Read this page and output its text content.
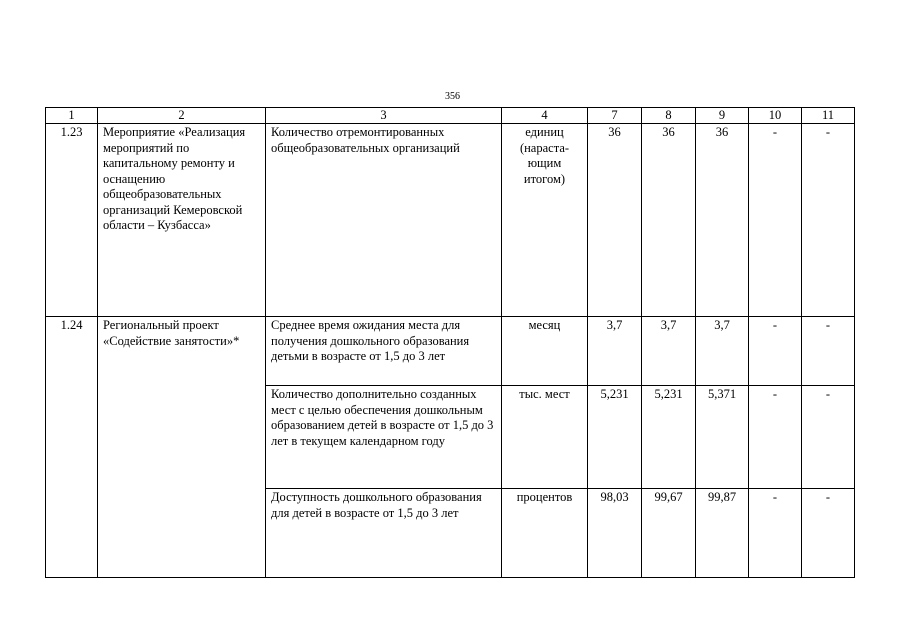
356
1	2	3	4	7	8	9	10	11
1.23	Мероприятие «Реализация мероприятий по капитальному ремонту и оснащению общеобразовательных организаций Кемеровской области – Кузбасса»	Количество отремонтированных общеобразовательных организаций	единиц (нараста-ющим итогом)	36	36	36	-	-
1.24	Региональный проект «Содействие занятости»*	Среднее время ожидания места для получения дошкольного образования детьми в возрасте от 1,5 до 3 лет	месяц	3,7	3,7	3,7	-	-
		Количество дополнительно созданных мест с целью обеспечения дошкольным образованием детей в возрасте от 1,5 до 3 лет в текущем календарном году	тыс. мест	5,231	5,231	5,371	-	-
		Доступность дошкольного образования для детей в возрасте от 1,5 до 3 лет	процентов	98,03	99,67	99,87	-	-
